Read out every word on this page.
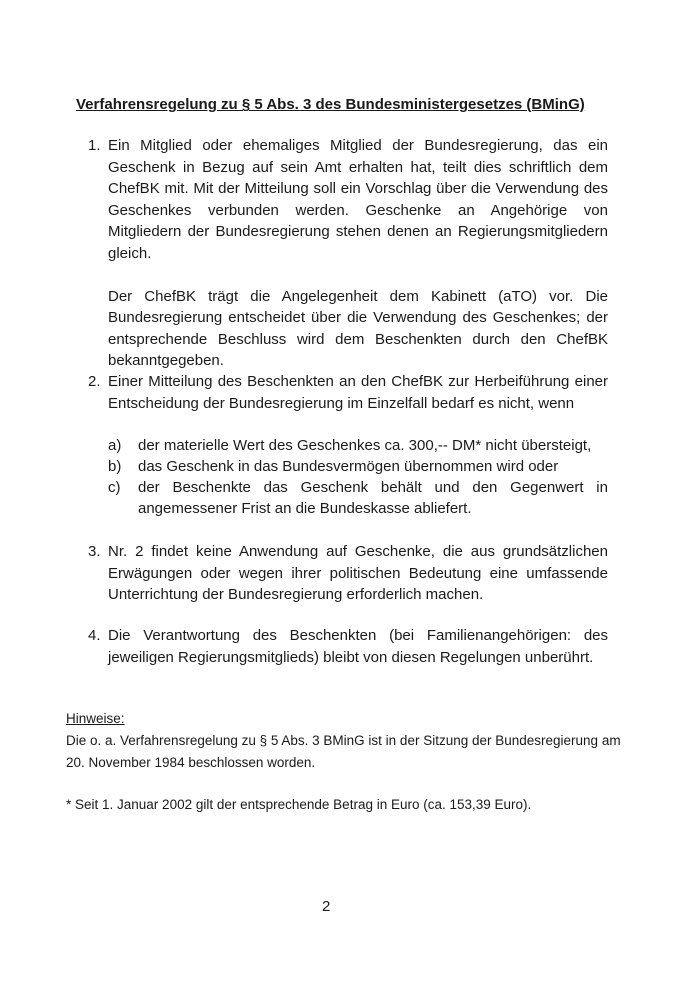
Verfahrensregelung zu § 5 Abs. 3 des Bundesministergesetzes (BMinG)
1. Ein Mitglied oder ehemaliges Mitglied der Bundesregierung, das ein Geschenk in Bezug auf sein Amt erhalten hat, teilt dies schriftlich dem ChefBK mit. Mit der Mitteilung soll ein Vorschlag über die Verwendung des Geschenkes verbunden werden. Geschenke an Angehörige von Mitgliedern der Bundesregierung stehen denen an Regierungsmitgliedern gleich.

Der ChefBK trägt die Angelegenheit dem Kabinett (aTO) vor. Die Bundesregierung entscheidet über die Verwendung des Geschenkes; der entsprechende Beschluss wird dem Beschenkten durch den ChefBK bekanntgegeben.

2. Einer Mitteilung des Beschenkten an den ChefBK zur Herbeiführung einer Entscheidung der Bundesregierung im Einzelfall bedarf es nicht, wenn

a) der materielle Wert des Geschenkes ca. 300,-- DM* nicht übersteigt,
b) das Geschenk in das Bundesvermögen übernommen wird oder
c) der Beschenkte das Geschenk behält und den Gegenwert in angemessener Frist an die Bundeskasse abliefert.
3. Nr. 2 findet keine Anwendung auf Geschenke, die aus grundsätzlichen Erwägungen oder wegen ihrer politischen Bedeutung eine umfassende Unterrichtung der Bundesregierung erforderlich machen.

4. Die Verantwortung des Beschenkten (bei Familienangehörigen: des jeweiligen Regierungsmitglieds) bleibt von diesen Regelungen unberührt.

Hinweise:
Die o. a. Verfahrensregelung zu § 5 Abs. 3 BMinG ist in der Sitzung der Bundesregierung am 20. November 1984 beschlossen worden.
* Seit 1. Januar 2002 gilt der entsprechende Betrag in Euro (ca. 153,39 Euro).
2
